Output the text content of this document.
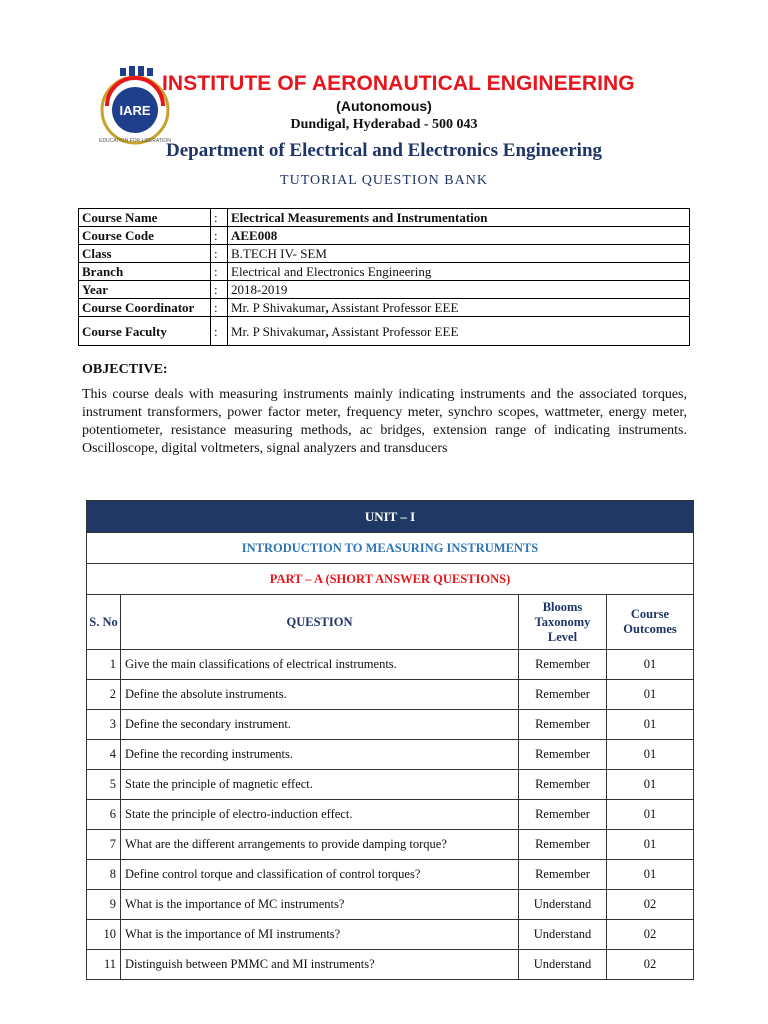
IARE
EDUCATION FOR LIBERATION
INSTITUTE OF AERONAUTICAL ENGINEERING
(Autonomous)
Dundigal, Hyderabad - 500 043
Department of Electrical and Electronics Engineering
TUTORIAL QUESTION BANK
Course Name	:	Electrical Measurements and Instrumentation
Course Code	:	AEE008
Class	:	B.TECH IV- SEM
Branch	:	Electrical and Electronics Engineering
Year	:	2018-2019
Course Coordinator	:	Mr. P Shivakumar, Assistant Professor EEE
Course Faculty	:	Mr. P Shivakumar, Assistant Professor EEE
OBJECTIVE:
This course deals with measuring instruments mainly indicating instruments and the associated torques, instrument transformers, power factor meter, frequency meter, synchro scopes, wattmeter, energy meter, potentiometer, resistance measuring methods, ac bridges, extension range of indicating instruments. Oscilloscope, digital voltmeters, signal analyzers and transducers
UNIT – I			
INTRODUCTION TO MEASURING INSTRUMENTS			
PART – A (SHORT ANSWER QUESTIONS)			
S. No	QUESTION	Blooms Taxonomy Level	Course Outcomes
1	Give the main classifications of electrical instruments.	Remember	01
2	Define the absolute instruments.	Remember	01
3	Define the secondary instrument.	Remember	01
4	Define the recording instruments.	Remember	01
5	State the principle of magnetic effect.	Remember	01
6	State the principle of electro-induction effect.	Remember	01
7	What are the different arrangements to provide damping torque?	Remember	01
8	Define control torque and classification of control torques?	Remember	01
9	What is the importance of MC instruments?	Understand	02
10	What is the importance of MI instruments?	Understand	02
11	Distinguish between PMMC and MI instruments?	Understand	02
